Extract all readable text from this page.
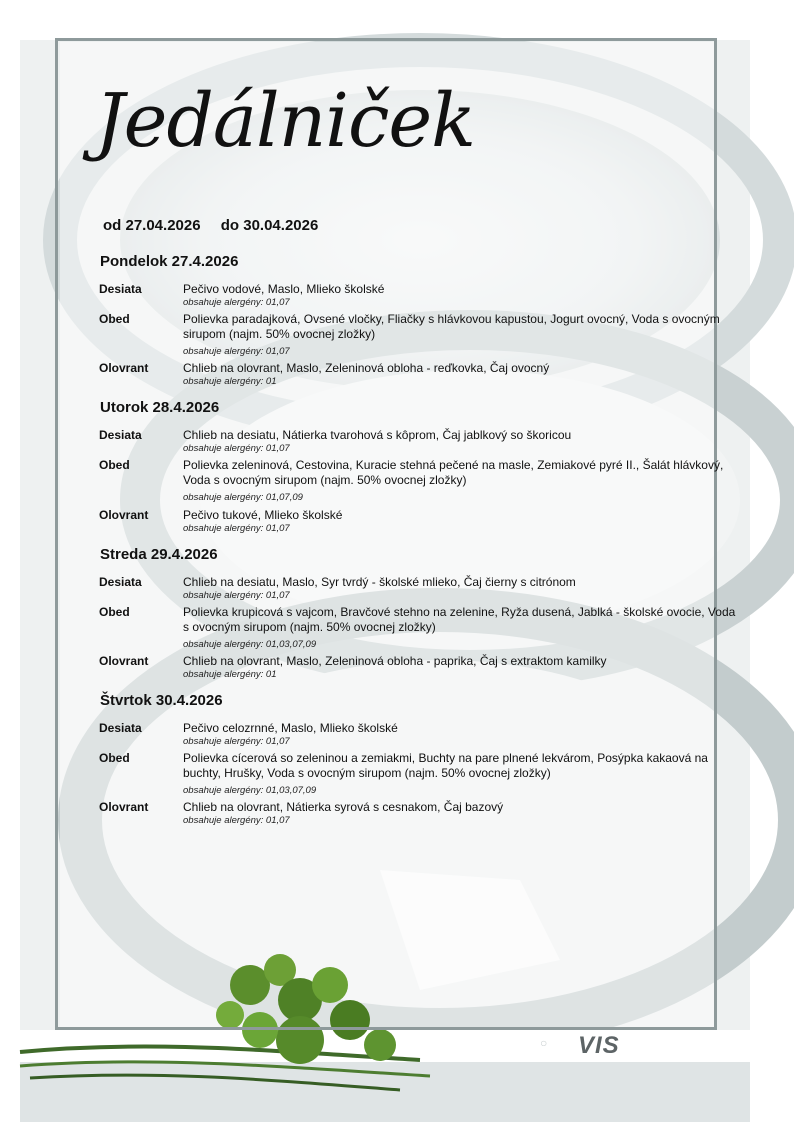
Jedálniček
od 27.04.2026 do 30.04.2026
Pondelok 27.4.2026
Desiata	Pečivo vodové, Maslo, Mlieko školské
obsahuje alergény: 01,07
Obed	Polievka paradajková, Ovsené vločky, Fliačky s hlávkovou kapustou, Jogurt ovocný, Voda s ovocným sirupom (najm. 50% ovocnej zložky)
obsahuje alergény: 01,07
Olovrant	Chlieb na olovrant, Maslo, Zeleninová obloha - reďkovka, Čaj ovocný
obsahuje alergény: 01
Utorok 28.4.2026
Desiata	Chlieb na desiatu, Nátierka tvarohová s kôprom, Čaj jablkový so škoricou
obsahuje alergény: 01,07
Obed	Polievka zeleninová, Cestovina, Kuracie stehná pečené na masle, Zemiakové pyré II., Šalát hlávkový, Voda s ovocným sirupom (najm. 50% ovocnej zložky)
obsahuje alergény: 01,07,09
Olovrant	Pečivo tukové, Mlieko školské
obsahuje alergény: 01,07
Streda 29.4.2026
Desiata	Chlieb na desiatu, Maslo, Syr tvrdý - školské mlieko, Čaj čierny s citrónom
obsahuje alergény: 01,07
Obed	Polievka krupicová s vajcom, Bravčové stehno na zelenine, Ryža dusená, Jablká - školské ovocie, Voda s ovocným sirupom (najm. 50% ovocnej zložky)
obsahuje alergény: 01,03,07,09
Olovrant	Chlieb na olovrant, Maslo, Zeleninová obloha - paprika, Čaj s extraktom kamilky
obsahuje alergény: 01
Štvrtok 30.4.2026
Desiata	Pečivo celozrnné, Maslo, Mlieko školské
obsahuje alergény: 01,07
Obed	Polievka cícerová so zeleninou a zemiakmi, Buchty na pare plnené lekvárom, Posýpka kakaová na buchty, Hrušky, Voda s ovocným sirupom (najm. 50% ovocnej zložky)
obsahuje alergény: 01,03,07,09
Olovrant	Chlieb na olovrant, Nátierka syrová s cesnakom, Čaj bazový
obsahuje alergény: 01,07
○ VIS
